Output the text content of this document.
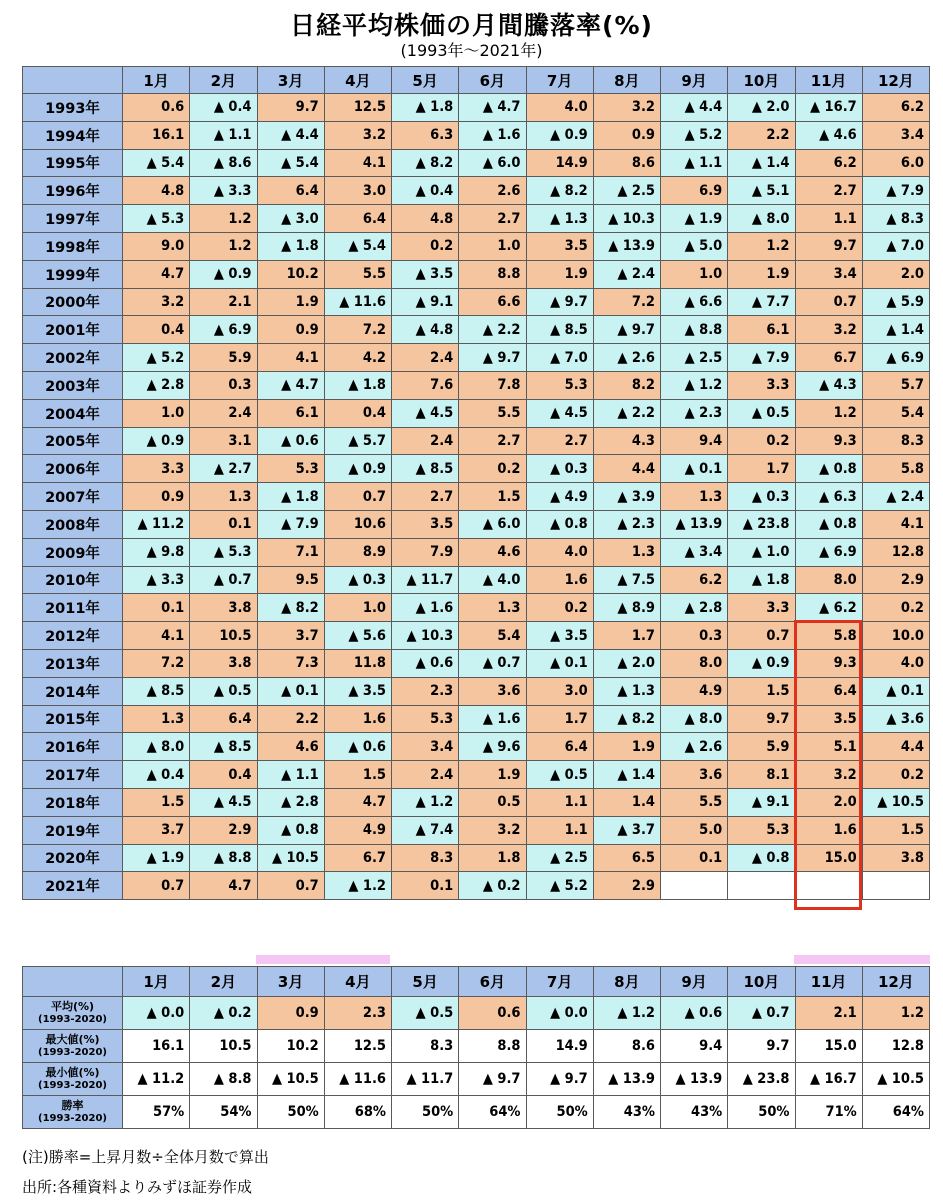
日経平均株価の月間騰落率(%)
(1993年～2021年)
	1月	2月	3月	4月	5月	6月	7月	8月	9月	10月	11月	12月
1993年	0.6	▲ 0.4	9.7	12.5	▲ 1.8	▲ 4.7	4.0	3.2	▲ 4.4	▲ 2.0	▲ 16.7	6.2
1994年	16.1	▲ 1.1	▲ 4.4	3.2	6.3	▲ 1.6	▲ 0.9	0.9	▲ 5.2	2.2	▲ 4.6	3.4
1995年	▲ 5.4	▲ 8.6	▲ 5.4	4.1	▲ 8.2	▲ 6.0	14.9	8.6	▲ 1.1	▲ 1.4	6.2	6.0
1996年	4.8	▲ 3.3	6.4	3.0	▲ 0.4	2.6	▲ 8.2	▲ 2.5	6.9	▲ 5.1	2.7	▲ 7.9
1997年	▲ 5.3	1.2	▲ 3.0	6.4	4.8	2.7	▲ 1.3	▲ 10.3	▲ 1.9	▲ 8.0	1.1	▲ 8.3
1998年	9.0	1.2	▲ 1.8	▲ 5.4	0.2	1.0	3.5	▲ 13.9	▲ 5.0	1.2	9.7	▲ 7.0
1999年	4.7	▲ 0.9	10.2	5.5	▲ 3.5	8.8	1.9	▲ 2.4	1.0	1.9	3.4	2.0
2000年	3.2	2.1	1.9	▲ 11.6	▲ 9.1	6.6	▲ 9.7	7.2	▲ 6.6	▲ 7.7	0.7	▲ 5.9
2001年	0.4	▲ 6.9	0.9	7.2	▲ 4.8	▲ 2.2	▲ 8.5	▲ 9.7	▲ 8.8	6.1	3.2	▲ 1.4
2002年	▲ 5.2	5.9	4.1	4.2	2.4	▲ 9.7	▲ 7.0	▲ 2.6	▲ 2.5	▲ 7.9	6.7	▲ 6.9
2003年	▲ 2.8	0.3	▲ 4.7	▲ 1.8	7.6	7.8	5.3	8.2	▲ 1.2	3.3	▲ 4.3	5.7
2004年	1.0	2.4	6.1	0.4	▲ 4.5	5.5	▲ 4.5	▲ 2.2	▲ 2.3	▲ 0.5	1.2	5.4
2005年	▲ 0.9	3.1	▲ 0.6	▲ 5.7	2.4	2.7	2.7	4.3	9.4	0.2	9.3	8.3
2006年	3.3	▲ 2.7	5.3	▲ 0.9	▲ 8.5	0.2	▲ 0.3	4.4	▲ 0.1	1.7	▲ 0.8	5.8
2007年	0.9	1.3	▲ 1.8	0.7	2.7	1.5	▲ 4.9	▲ 3.9	1.3	▲ 0.3	▲ 6.3	▲ 2.4
2008年	▲ 11.2	0.1	▲ 7.9	10.6	3.5	▲ 6.0	▲ 0.8	▲ 2.3	▲ 13.9	▲ 23.8	▲ 0.8	4.1
2009年	▲ 9.8	▲ 5.3	7.1	8.9	7.9	4.6	4.0	1.3	▲ 3.4	▲ 1.0	▲ 6.9	12.8
2010年	▲ 3.3	▲ 0.7	9.5	▲ 0.3	▲ 11.7	▲ 4.0	1.6	▲ 7.5	6.2	▲ 1.8	8.0	2.9
2011年	0.1	3.8	▲ 8.2	1.0	▲ 1.6	1.3	0.2	▲ 8.9	▲ 2.8	3.3	▲ 6.2	0.2
2012年	4.1	10.5	3.7	▲ 5.6	▲ 10.3	5.4	▲ 3.5	1.7	0.3	0.7	5.8	10.0
2013年	7.2	3.8	7.3	11.8	▲ 0.6	▲ 0.7	▲ 0.1	▲ 2.0	8.0	▲ 0.9	9.3	4.0
2014年	▲ 8.5	▲ 0.5	▲ 0.1	▲ 3.5	2.3	3.6	3.0	▲ 1.3	4.9	1.5	6.4	▲ 0.1
2015年	1.3	6.4	2.2	1.6	5.3	▲ 1.6	1.7	▲ 8.2	▲ 8.0	9.7	3.5	▲ 3.6
2016年	▲ 8.0	▲ 8.5	4.6	▲ 0.6	3.4	▲ 9.6	6.4	1.9	▲ 2.6	5.9	5.1	4.4
2017年	▲ 0.4	0.4	▲ 1.1	1.5	2.4	1.9	▲ 0.5	▲ 1.4	3.6	8.1	3.2	0.2
2018年	1.5	▲ 4.5	▲ 2.8	4.7	▲ 1.2	0.5	1.1	1.4	5.5	▲ 9.1	2.0	▲ 10.5
2019年	3.7	2.9	▲ 0.8	4.9	▲ 7.4	3.2	1.1	▲ 3.7	5.0	5.3	1.6	1.5
2020年	▲ 1.9	▲ 8.8	▲ 10.5	6.7	8.3	1.8	▲ 2.5	6.5	0.1	▲ 0.8	15.0	3.8
2021年	0.7	4.7	0.7	▲ 1.2	0.1	▲ 0.2	▲ 5.2	2.9				
	1月	2月	3月	4月	5月	6月	7月	8月	9月	10月	11月	12月
平均(%)
(1993-2020)	▲ 0.0	▲ 0.2	0.9	2.3	▲ 0.5	0.6	▲ 0.0	▲ 1.2	▲ 0.6	▲ 0.7	2.1	1.2
最大値(%)
(1993-2020)	16.1	10.5	10.2	12.5	8.3	8.8	14.9	8.6	9.4	9.7	15.0	12.8
最小値(%)
(1993-2020)	▲ 11.2	▲ 8.8	▲ 10.5	▲ 11.6	▲ 11.7	▲ 9.7	▲ 9.7	▲ 13.9	▲ 13.9	▲ 23.8	▲ 16.7	▲ 10.5
勝率
(1993-2020)	57%	54%	50%	68%	50%	64%	50%	43%	43%	50%	71%	64%
(注)勝率=上昇月数÷全体月数で算出
出所:各種資料よりみずほ証券作成
